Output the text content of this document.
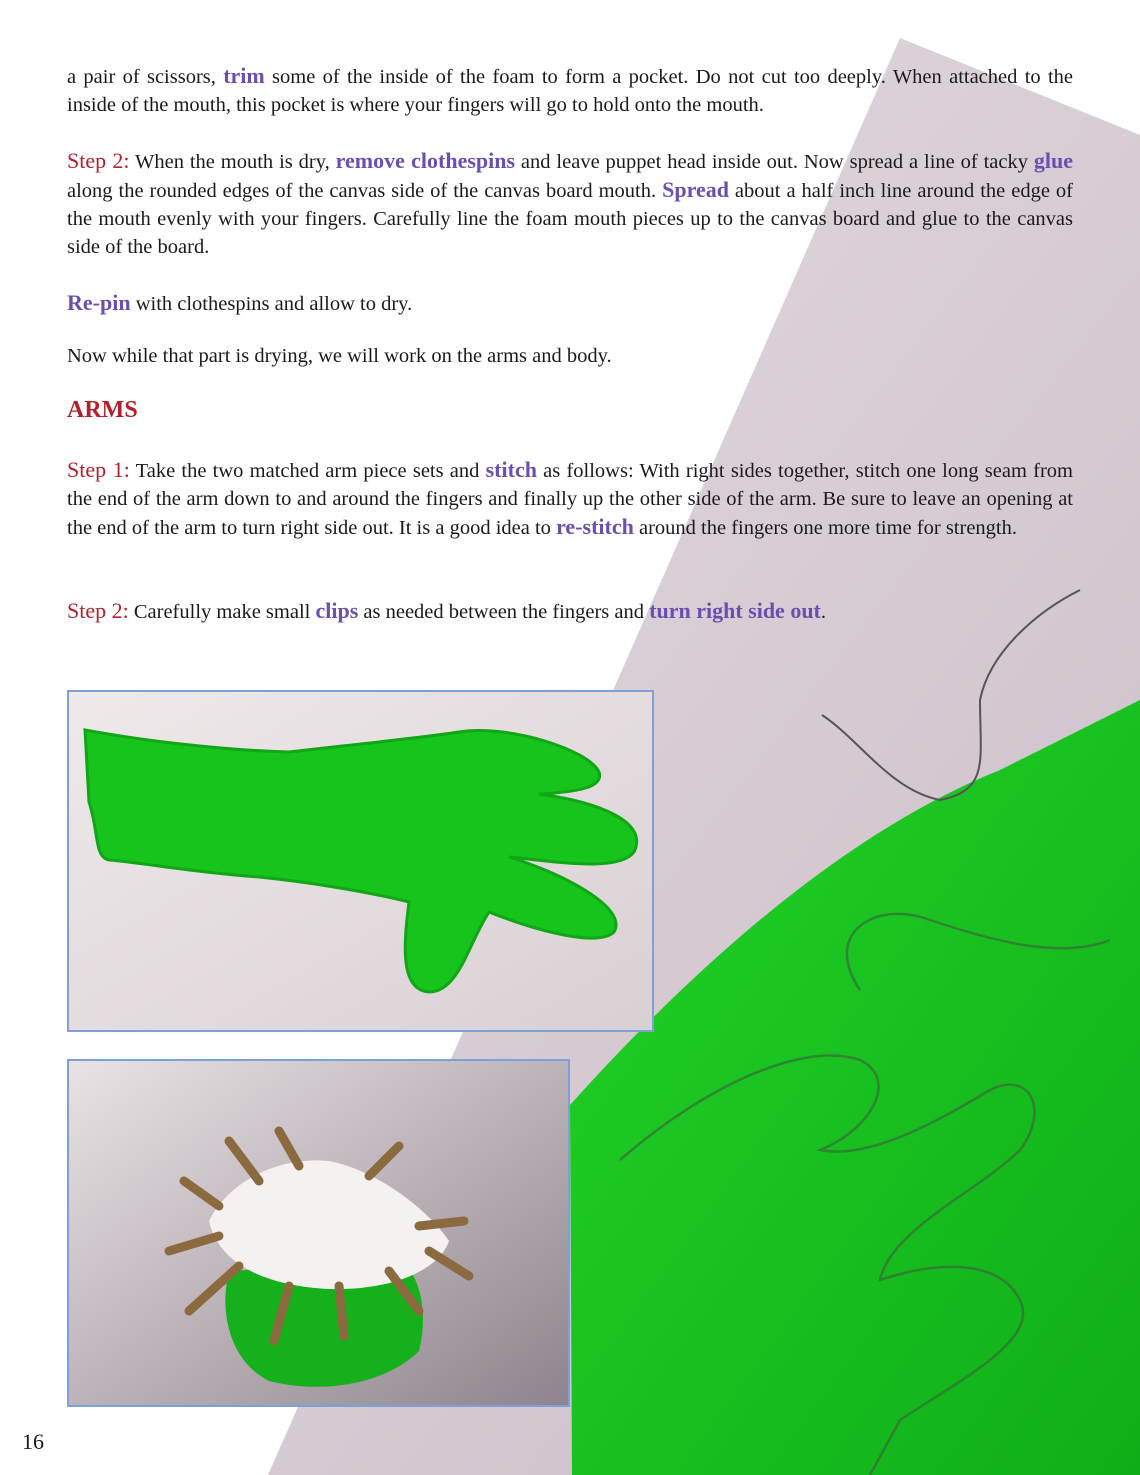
a pair of scissors, trim some of the inside of the foam to form a pocket. Do not cut too deeply. When attached to the inside of the mouth, this pocket is where your fingers will go to hold onto the mouth.

Step 2: When the mouth is dry, remove clothespins and leave puppet head inside out. Now spread a line of tacky glue along the rounded edges of the canvas side of the canvas board mouth. Spread about a half inch line around the edge of the mouth evenly with your fingers. Carefully line the foam mouth pieces up to the canvas board and glue to the canvas side of the board.

Re-pin with clothespins and allow to dry.

Now while that part is drying, we will work on the arms and body.

ARMS

Step 1: Take the two matched arm piece sets and stitch as follows: With right sides together, stitch one long seam from the end of the arm down to and around the fingers and finally up the other side of the arm. Be sure to leave an opening at the end of the arm to turn right side out. It is a good idea to re-stitch around the fingers one more time for strength.

Step 2: Carefully make small clips as needed between the fingers and turn right side out.

16
